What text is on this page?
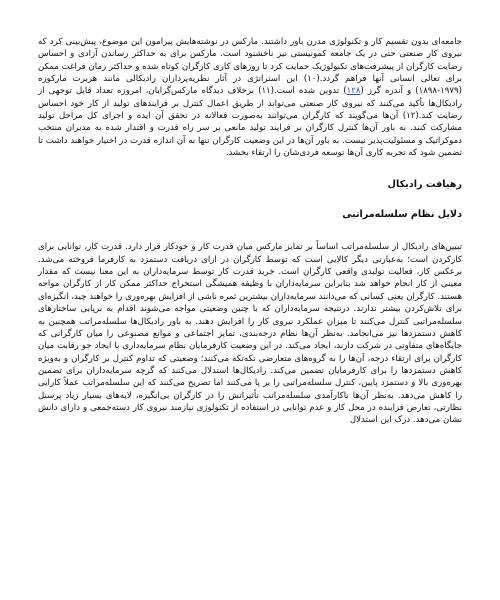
جامعه‌ای بدون تقسیم کار و تکنولوژی مدرن باور داشتند. مارکس در نوشته‌هایش پیرامون این موضوع، پیش‌بینی کرد که نیروی کار صنعتی حتی در یک جامعه کمونیستی نیز ناخشنود است. مارکس برای به حداکثر رساندن آزادی و احساس رضایت کارگران از پیشرفت‌های تکنولوژیک حمایت کرد تا روزهای کاری کارگران کوتاه شده و حداکثر زمان فراغت ممکن برای تعالی انسانی آنها فراهم گردد.(۱۰) این استراتژی در آثار نظریه‌پردازان رادیکالی مانند هربرت مارکوزه (۱۹۷۹-۱۸۹۸) و آندره گرز (۱۲۸) تدوین شده است.(۱۱) برخلاف دیدگاه مارکس‌گرایان، امروزه تعداد قابل توجهی از رادیکال‌ها تأکید می‌کنند که نیروی کار صنعتی می‌تواند از طریق اعمال کنترل بر فرایندهای تولید از کار خود احساس رضایت کند.(۱۲) آن‌ها می‌گویند که کارگران می‌توانند به‌صورت فعالانه در تحقق آن ایده و اجرای کل مراحل تولید مشارکت کنند. به باور آن‌ها کنترل کارگران بر فرایند تولید مانعی بر سر راه قدرت و اقتدار شده به مدیران منتخب دموکراتیک و مسئولیت‌پذیر نیست. به باور آن‌ها در این وضعیت کارگران تنها به آن اندازه قدرت در اختیار خواهند داشت تا تضمین شود که تجربه کاری آن‌ها توسعه فردی‌شان را ارتقاء بخشد.

رهیافت رادیکال
دلایل نظام سلسله‌مراتبی

تبیین‌های رادیکال از سلسله‌مراتب اساساً بر تمایز مارکس میان قدرت کار و خودکار قرار دارد. قدرت کار، توانایی برای کارکردن است؛ به‌عبارتی دیگر کالایی است که توسط کارگران در ازای دریافت دستمزد به کارفرما فروخته می‌شد. برعکس کار، فعالیت تولیدی واقعی کارگران است. خرید قدرت کار توسط سرمایه‌داران به این معنا نیست که مقدار معینی از کار انجام خواهد شد بنابراین سرمایه‌داران با وظیفه همیشگی استخراج حداکثر ممکن کار از کارگران مواجه هستند. کارگران یعنی کسانی که می‌دانند سرمایه‌داران بیشترین ثمره ناشی از افزایش بهره‌وری را خواهند چید، انگیزه‌ای برای تلاش‌کردن بیشتر ندارند. درنتیجه سرمایه‌داران که با چنین وضعیتی مواجه می‌شوند اقدام به برپایی ساختارهای سلسله‌مراتبی کنترل می‌کنند تا میزان عملکرد نیروی کار را افزایش دهند. به باور رادیکال‌ها سلسله‌مراتب همچنین به کاهش دستمزدها نیز می‌انجامد. به‌نظر آن‌ها نظام درجه‌بندی، تمایز اجتماعی و موانع مصنوعی را میان کارگرانی که جایگاه‌های متفاوتی در شرکت دارند، ایجاد می‌کند. در این وضعیت کارفرمایان نظام سرمایه‌داری با ایجاد جو رقابت میان کارگران برای ارتقاء درجه، آن‌ها را به گروه‌های متعارضی تکه‌تکه می‌کنند؛ وضعیتی که تداوم کنترل بر کارگران و به‌ویژه کاهش دستمزدها را برای کارفرمایان تضمین می‌کند. رادیکال‌ها استدلال می‌کنند که گرچه سرمایه‌داران برای تضمین بهره‌وری بالا و دستمزد پایین، کنترل سلسله‌مراتبی را بر پا می‌کنند اما تصریح می‌کنند که این سلسله‌مراتب عملاً کارایی را کاهش می‌دهد. به‌نظر آن‌ها ناکارآمدی سلسله‌مراتب تأثیراتش را در کارگران بی‌انگیزه، لایه‌های بسیار زیاد پرسنل نظارتی، تعارض فزاینده در محل کار و عدم توانایی در استفاده از تکنولوژی نیازمند نیروی کار دسته‌جمعی و دارای دانش نشان می‌دهد. درک این استدلال
